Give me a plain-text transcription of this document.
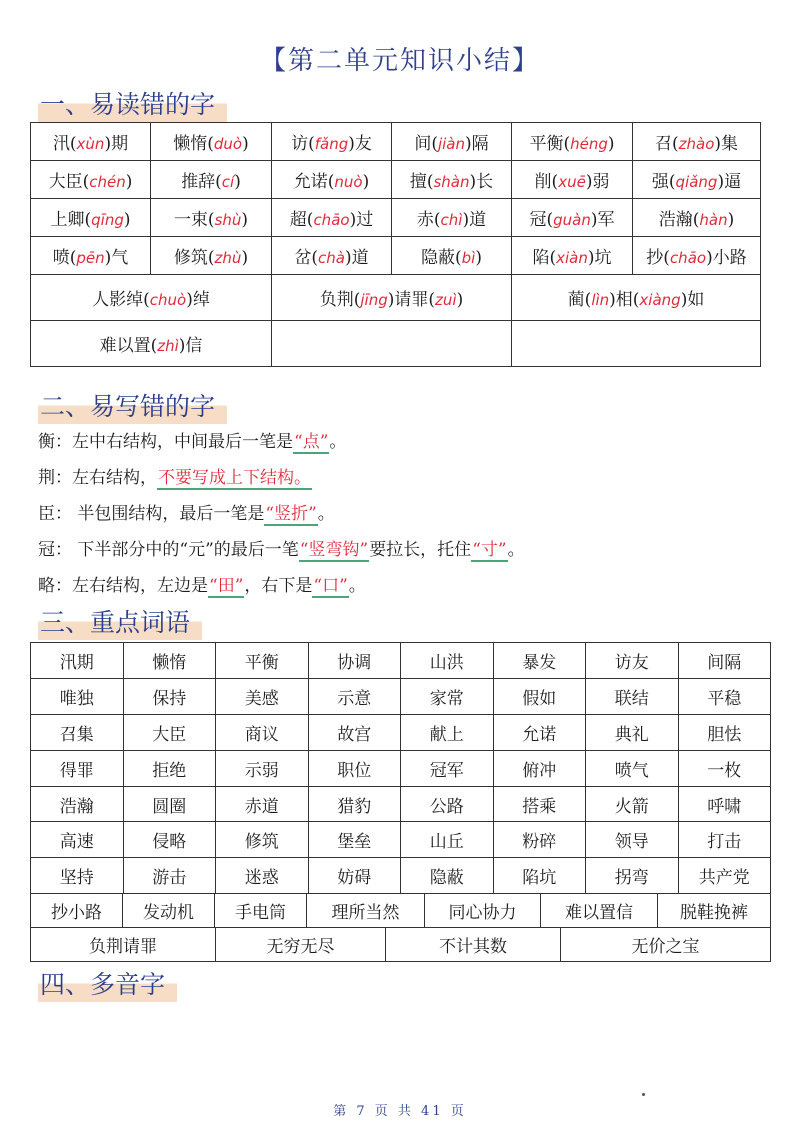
【第二单元知识小结】
一、易读错的字
汛(xùn)期	懒惰(duò)	访(fǎng)友	间(jiàn)隔	平衡(héng)	召(zhào)集
大臣(chén)	推辞(cí)	允诺(nuò)	擅(shàn)长	削(xuē)弱	强(qiǎng)逼
上卿(qīng)	一束(shù)	超(chāo)过	赤(chì)道	冠(guàn)军	浩瀚(hàn)
喷(pēn)气	修筑(zhù)	岔(chà)道	隐蔽(bì)	陷(xiàn)坑	抄(chāo)小路
人影绰(chuò)绰		负荆(jīng)请罪(zuì)		蔺(lìn)相(xiàng)如	
难以置(zhì)信					
二、易写错的字
衡：左中右结构，中间最后一笔是“点”。
荆：左右结构，不要写成上下结构。
臣： 半包围结构，最后一笔是“竖折”。
冠： 下半部分中的“元”的最后一笔“竖弯钩”要拉长，托住“寸”。
略：左右结构，左边是“田”，右下是“口”。
三、重点词语
汛期	懒惰	平衡	协调	山洪	暴发	访友	间隔
唯独	保持	美感	示意	家常	假如	联结	平稳
召集	大臣	商议	故宫	献上	允诺	典礼	胆怯
得罪	拒绝	示弱	职位	冠军	俯冲	喷气	一枚
浩瀚	圆圈	赤道	猎豹	公路	搭乘	火箭	呼啸
高速	侵略	修筑	堡垒	山丘	粉碎	领导	打击
坚持	游击	迷惑	妨碍	隐蔽	陷坑	拐弯	共产党
抄小路	发动机	手电筒	理所当然	同心协力	难以置信	脱鞋挽裤
负荆请罪	无穷无尽	不计其数	无价之宝
四、多音字
第 7 页 共 41 页
